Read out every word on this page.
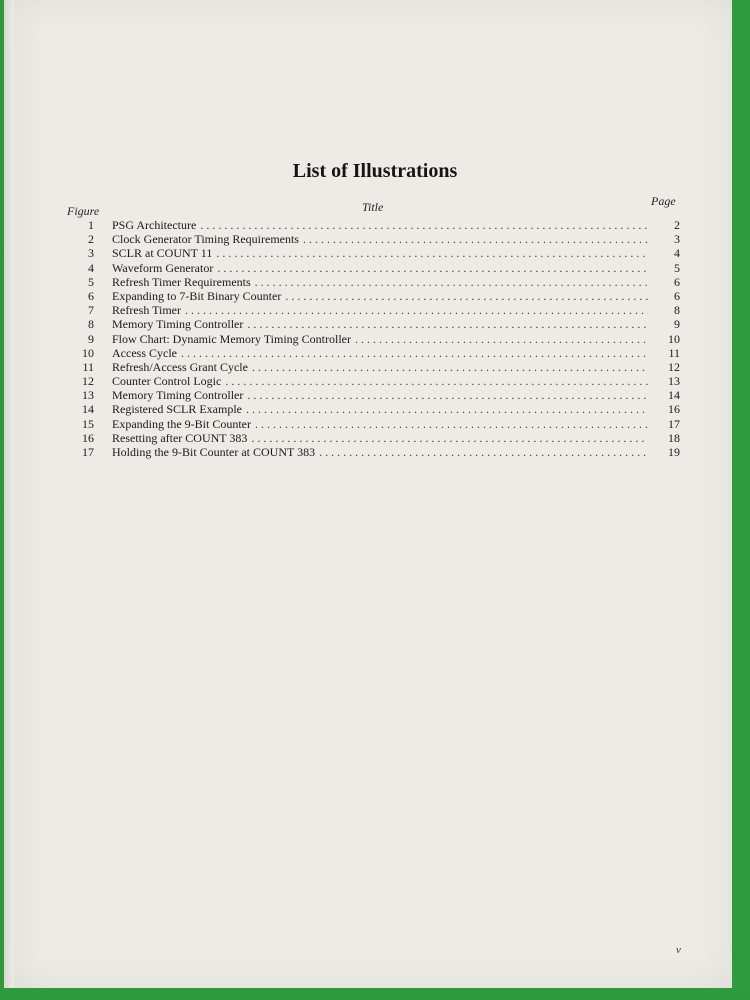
List of Illustrations
Figure	Title	Page
1 PSG Architecture . . .	2
2 Clock Generator Timing Requirements . . .	3
3 SCLR at COUNT 11 . . .	4
4 Waveform Generator . . .	5
5 Refresh Timer Requirements . . .	6
6 Expanding to 7-Bit Binary Counter . . .	6
7 Refresh Timer . . .	8
8 Memory Timing Controller . . .	9
9 Flow Chart: Dynamic Memory Timing Controller . . .	10
10 Access Cycle . . .	11
11 Refresh/Access Grant Cycle . . .	12
12 Counter Control Logic . . .	13
13 Memory Timing Controller . . .	14
14 Registered SCLR Example . . .	16
15 Expanding the 9-Bit Counter . . .	17
16 Resetting after COUNT 383 . . .	18
17 Holding the 9-Bit Counter at COUNT 383 . . .	19
v
